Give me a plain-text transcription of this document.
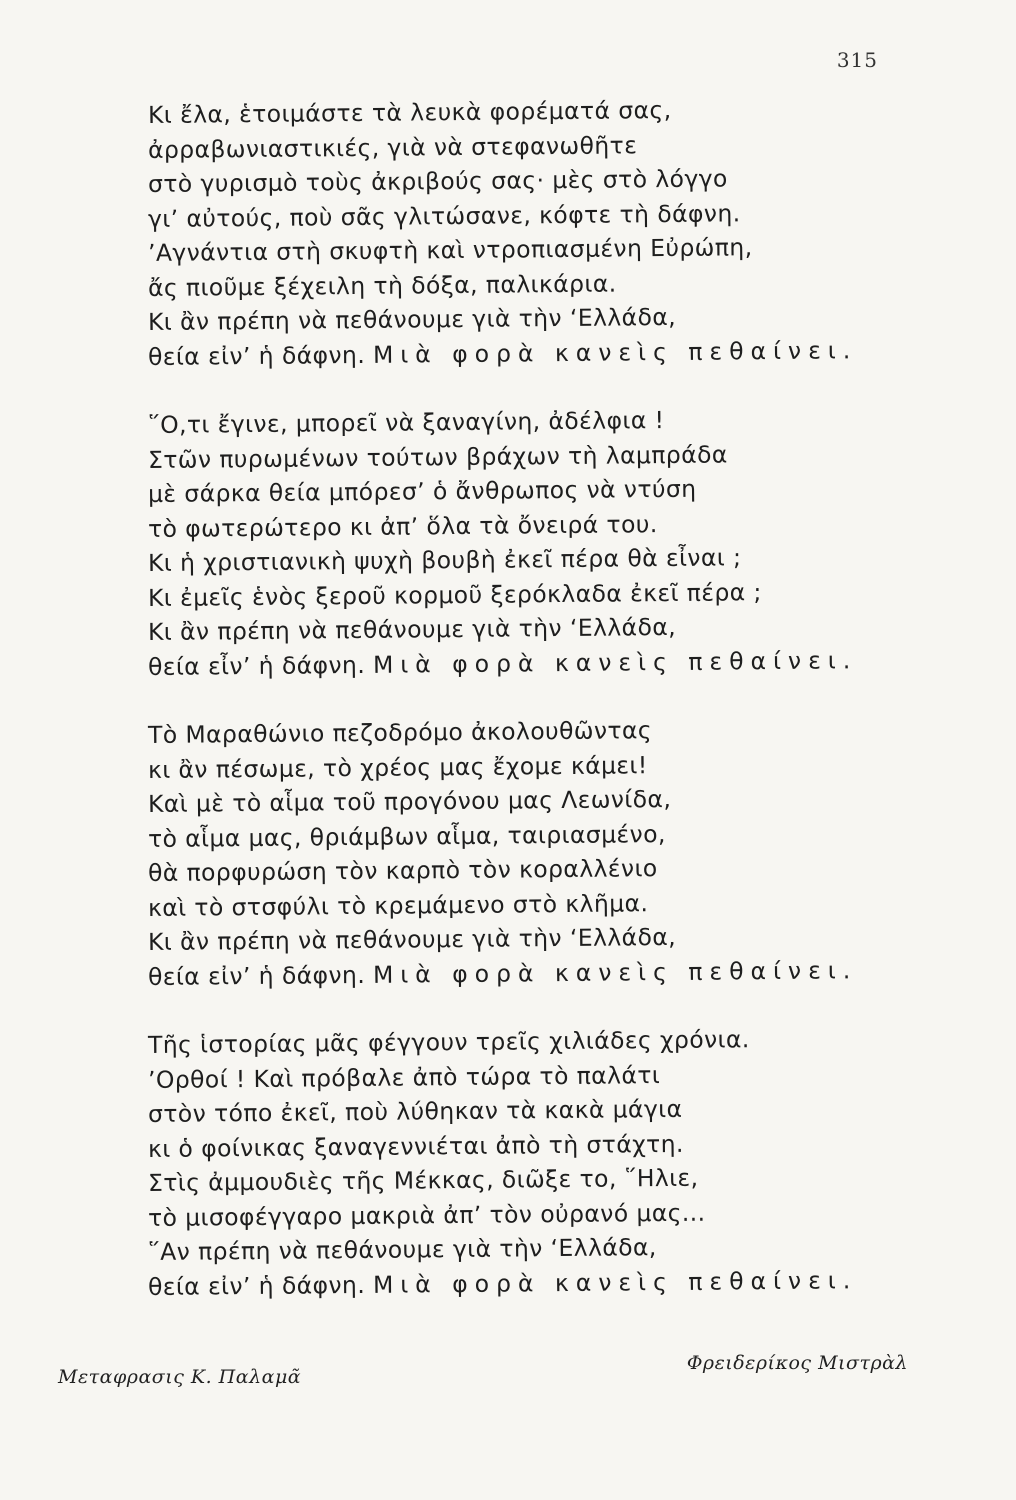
315
Κι ἔλα, ἑτοιμάστε τὰ λευκὰ φορέματά σας,
ἀρραβωνιαστικιές, γιὰ νὰ στεφανωθῆτε
στὸ γυρισμὸ τοὺς ἀκριβούς σας· μὲς στὸ λόγγο
γι’ αὐτούς, ποὺ σᾶς γλιτώσανε, κόφτε τὴ δάφνη.
’Αγνάντια στὴ σκυφτὴ καὶ ντροπιασμένη Εὐρώπη,
ἄς πιοῦμε ξέχειλη τὴ δόξα, παλικάρια.
Κι ἂν πρέπη νὰ πεθάνουμε γιὰ τὴν ‘Ελλάδα,
θεία εἰν’ ἡ δάφνη. Μιὰ φορὰ κανεὶς πεθαίνει.
῞Ο,τι ἔγινε, μπορεῖ νὰ ξαναγίνη, ἀδέλφια !
Στῶν πυρωμένων τούτων βράχων τὴ λαμπράδα
μὲ σάρκα θεία μπόρεσ’ ὁ ἄνθρωπος νὰ ντύση
τὸ φωτερώτερο κι ἀπ’ ὅλα τὰ ὄνειρά του.
Κι ἡ χριστιανικὴ ψυχὴ βουβὴ ἐκεῖ πέρα θὰ εἶναι ;
Κι ἐμεῖς ἑνὸς ξεροῦ κορμοῦ ξερόκλαδα ἐκεῖ πέρα ;
Κι ἂν πρέπη νὰ πεθάνουμε γιὰ τὴν ‘Ελλάδα,
θεία εἶν’ ἡ δάφνη. Μιὰ φορὰ κανεὶς πεθαίνει.
Τὸ Μαραθώνιο πεζοδρόμο ἀκολουθῶντας
κι ἂν πέσωμε, τὸ χρέος μας ἔχομε κάμει!
Καὶ μὲ τὸ αἷμα τοῦ προγόνου μας Λεωνίδα,
τὸ αἷμα μας, θριάμβων αἷμα, ταιριασμένο,
θὰ πορφυρώση τὸν καρπὸ τὸν κοραλλένιο
καὶ τὸ στσφύλι τὸ κρεμάμενο στὸ κλῆμα.
Κι ἂν πρέπη νὰ πεθάνουμε γιὰ τὴν ‘Ελλάδα,
θεία εἰν’ ἡ δάφνη. Μιὰ φορὰ κανεὶς πεθαίνει.
Τῆς ἱστορίας μᾶς φέγγουν τρεῖς χιλιάδες χρόνια.
’Ορθοί ! Καὶ πρόβαλε ἀπὸ τώρα τὸ παλάτι
στὸν τόπο ἐκεῖ, ποὺ λύθηκαν τὰ κακὰ μάγια
κι ὁ φοίνικας ξαναγεννιέται ἀπὸ τὴ στάχτη.
Στὶς ἀμμουδιὲς τῆς Μέκκας, διῶξε το, ῞Ηλιε,
τὸ μισοφέγγαρο μακριὰ ἀπ’ τὸν οὐρανό μας...
῞Αν πρέπη νὰ πεθάνουμε γιὰ τὴν ‘Ελλάδα,
θεία εἰν’ ἡ δάφνη. Μιὰ φορὰ κανεὶς πεθαίνει.
Μεταφρασις Κ. Παλαμᾶ
Φρειδερίκος Μιστρὰλ
